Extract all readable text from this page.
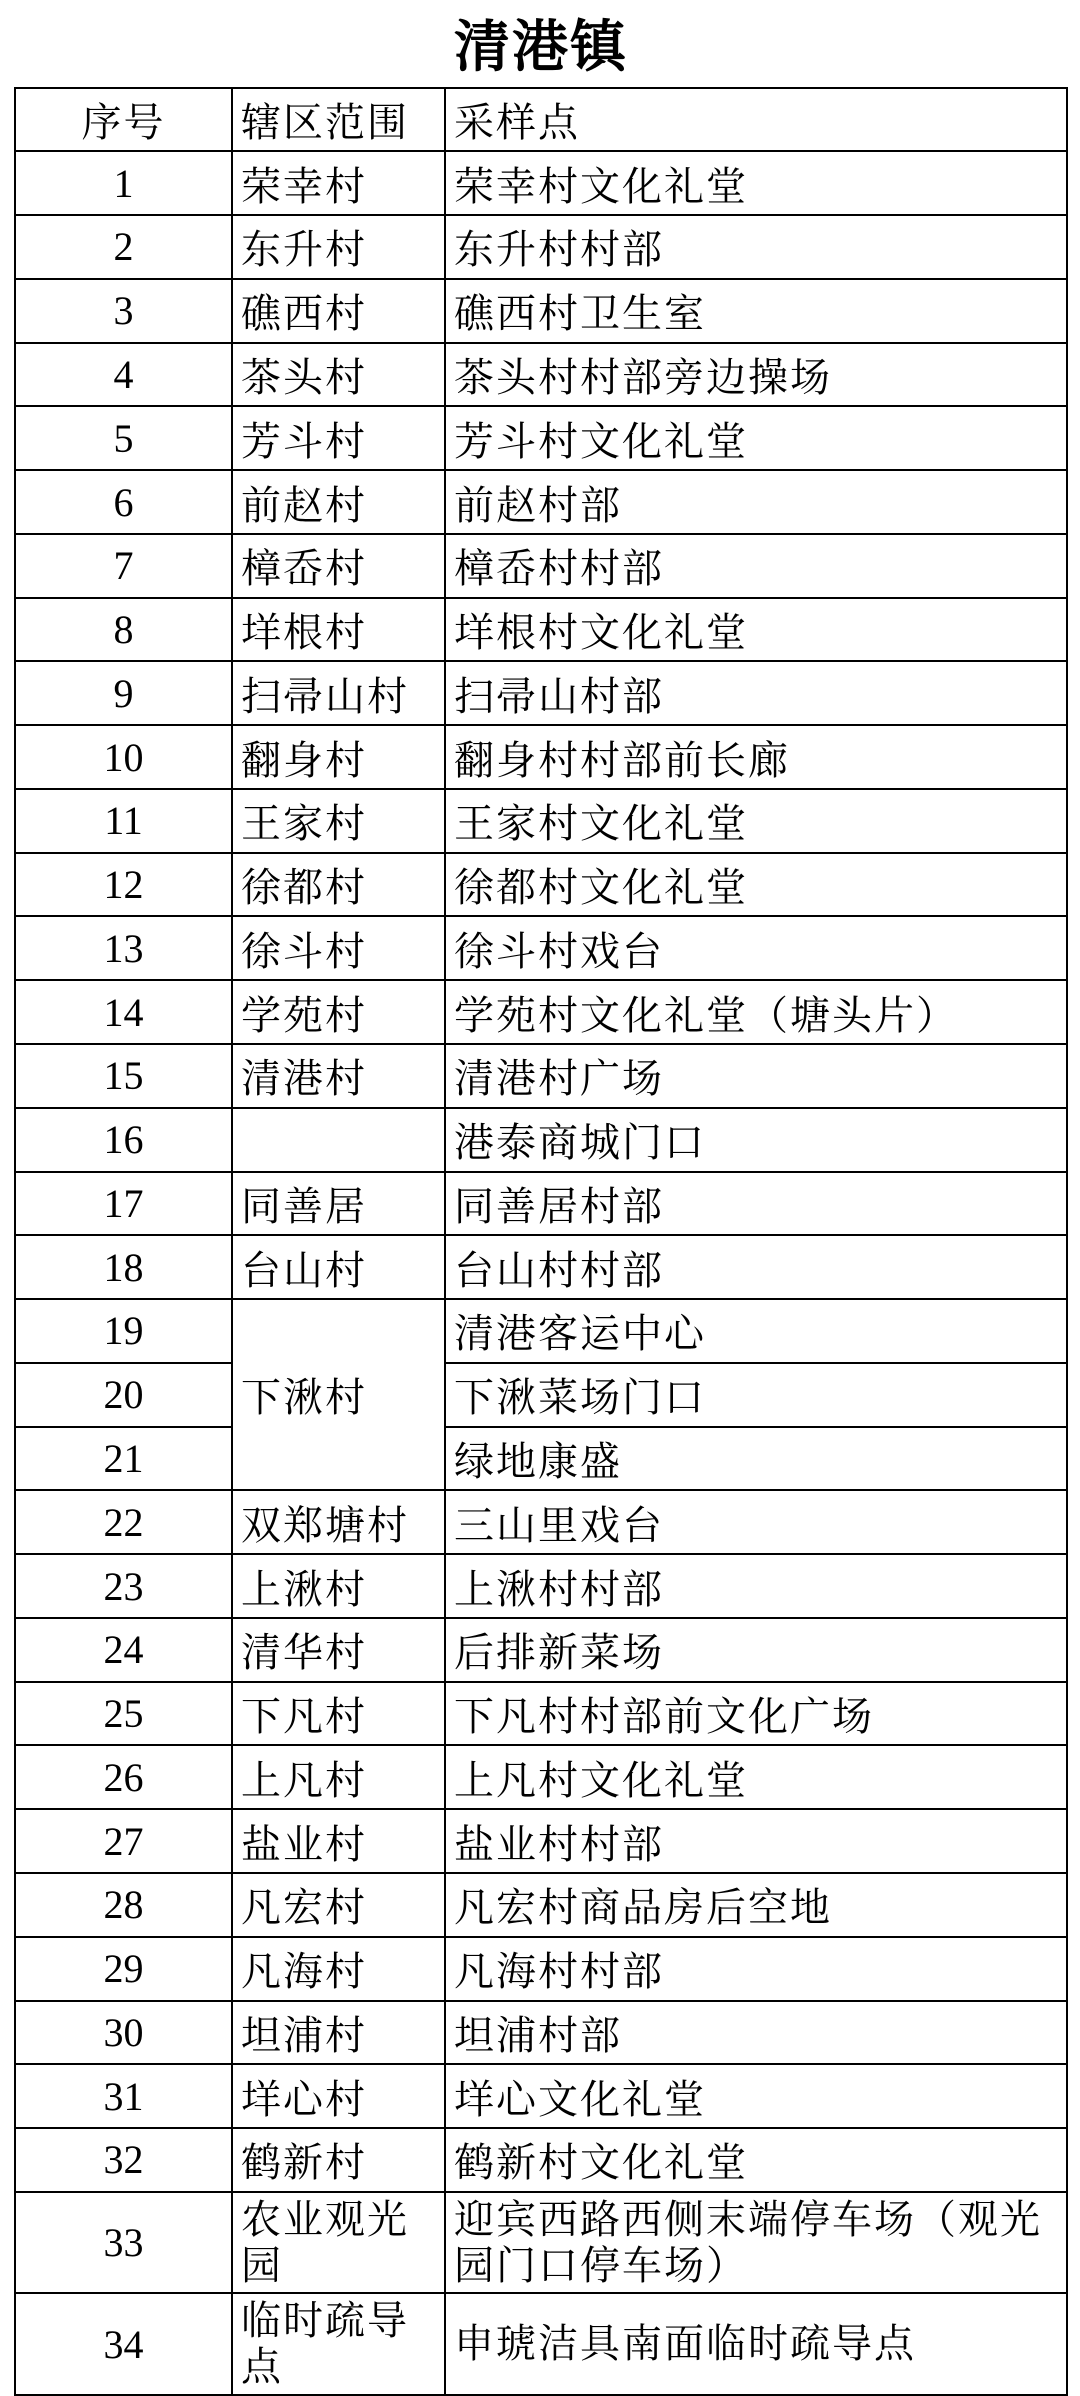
清港镇		
序号	辖区范围	采样点
1	荣幸村	荣幸村文化礼堂
2	东升村	东升村村部
3	礁西村	礁西村卫生室
4	茶头村	茶头村村部旁边操场
5	芳斗村	芳斗村文化礼堂
6	前赵村	前赵村部
7	樟岙村	樟岙村村部
8	垟根村	垟根村文化礼堂
9	扫帚山村	扫帚山村部
10	翻身村	翻身村村部前长廊
11	王家村	王家村文化礼堂
12	徐都村	徐都村文化礼堂
13	徐斗村	徐斗村戏台
14	学苑村	学苑村文化礼堂（塘头片）
15	清港村	清港村广场
16		港泰商城门口
17	同善居	同善居村部
18	台山村	台山村村部
19	下湫村	清港客运中心
20		下湫菜场门口
21		绿地康盛
22	双郑塘村	三山里戏台
23	上湫村	上湫村村部
24	清华村	后排新菜场
25	下凡村	下凡村村部前文化广场
26	上凡村	上凡村文化礼堂
27	盐业村	盐业村村部
28	凡宏村	凡宏村商品房后空地
29	凡海村	凡海村村部
30	坦浦村	坦浦村部
31	垟心村	垟心文化礼堂
32	鹤新村	鹤新村文化礼堂
33	农业观光园	迎宾西路西侧末端停车场（观光园门口停车场）
34	临时疏导点	申琥洁具南面临时疏导点
